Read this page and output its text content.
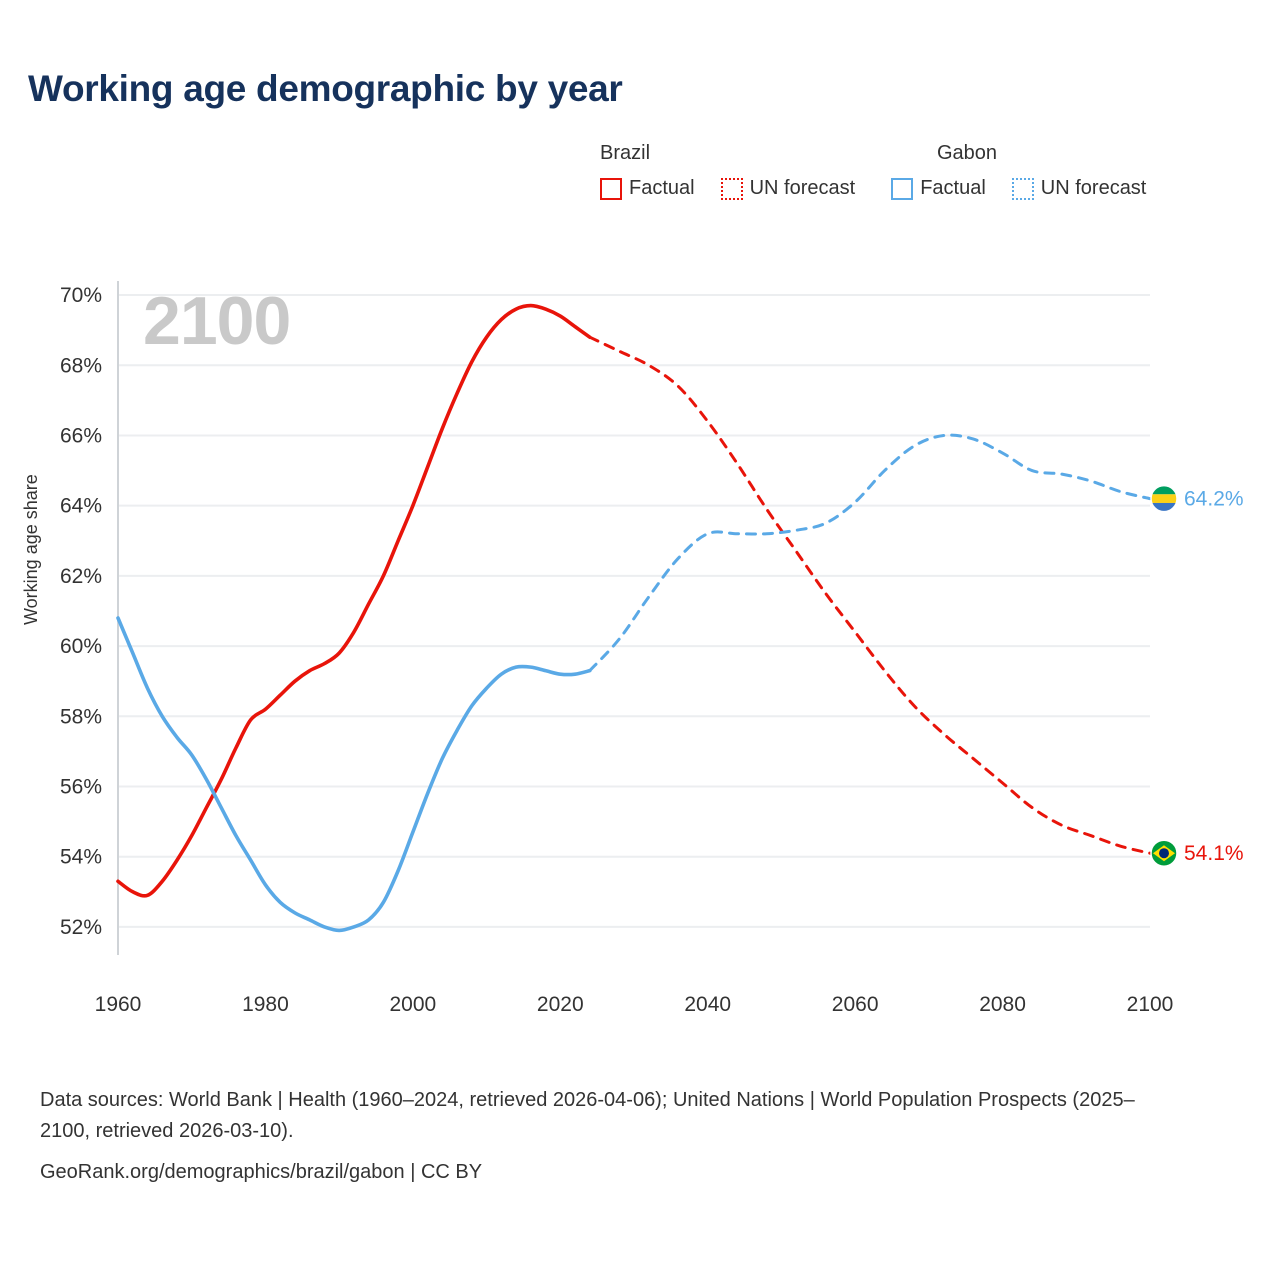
Working age demographic by year
Brazil	Gabon
Factual	UN forecast	Factual	UN forecast
2100
Working age share
52%
54%
56%
58%
60%
62%
64%
66%
68%
70%
1960	1980	2000	2020	2040	2060	2080	2100
64.2%
54.1%
Data sources: World Bank | Health (1960–2024, retrieved 2026-04-06); United Nations | World Population Prospects (2025–2100, retrieved 2026-03-10).
GeoRank.org/demographics/brazil/gabon | CC BY
